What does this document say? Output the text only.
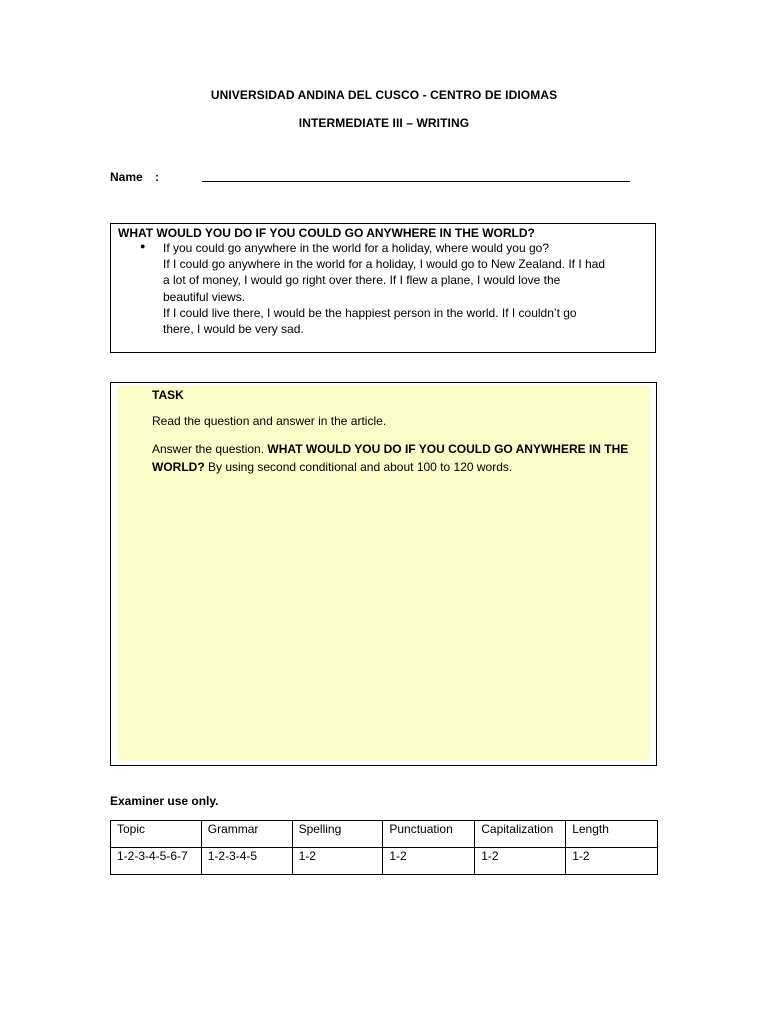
UNIVERSIDAD ANDINA DEL CUSCO - CENTRO DE IDIOMAS
INTERMEDIATE III – WRITING
Name :
WHAT WOULD YOU DO IF YOU COULD GO ANYWHERE IN THE WORLD?
● If you could go anywhere in the world for a holiday, where would you go?
If I could go anywhere in the world for a holiday, I would go to New Zealand. If I had
a lot of money, I would go right over there. If I flew a plane, I would love the
beautiful views.
If I could live there, I would be the happiest person in the world. If I couldn’t go
there, I would be very sad.
TASK
Read the question and answer in the article.
Answer the question. WHAT WOULD YOU DO IF YOU COULD GO ANYWHERE IN THE WORLD? By using second conditional and about 100 to 120 words.
Examiner use only.
Topic	Grammar	Spelling	Punctuation	Capitalization	Length
1-2-3-4-5-6-7	1-2-3-4-5	1-2	1-2	1-2	1-2
